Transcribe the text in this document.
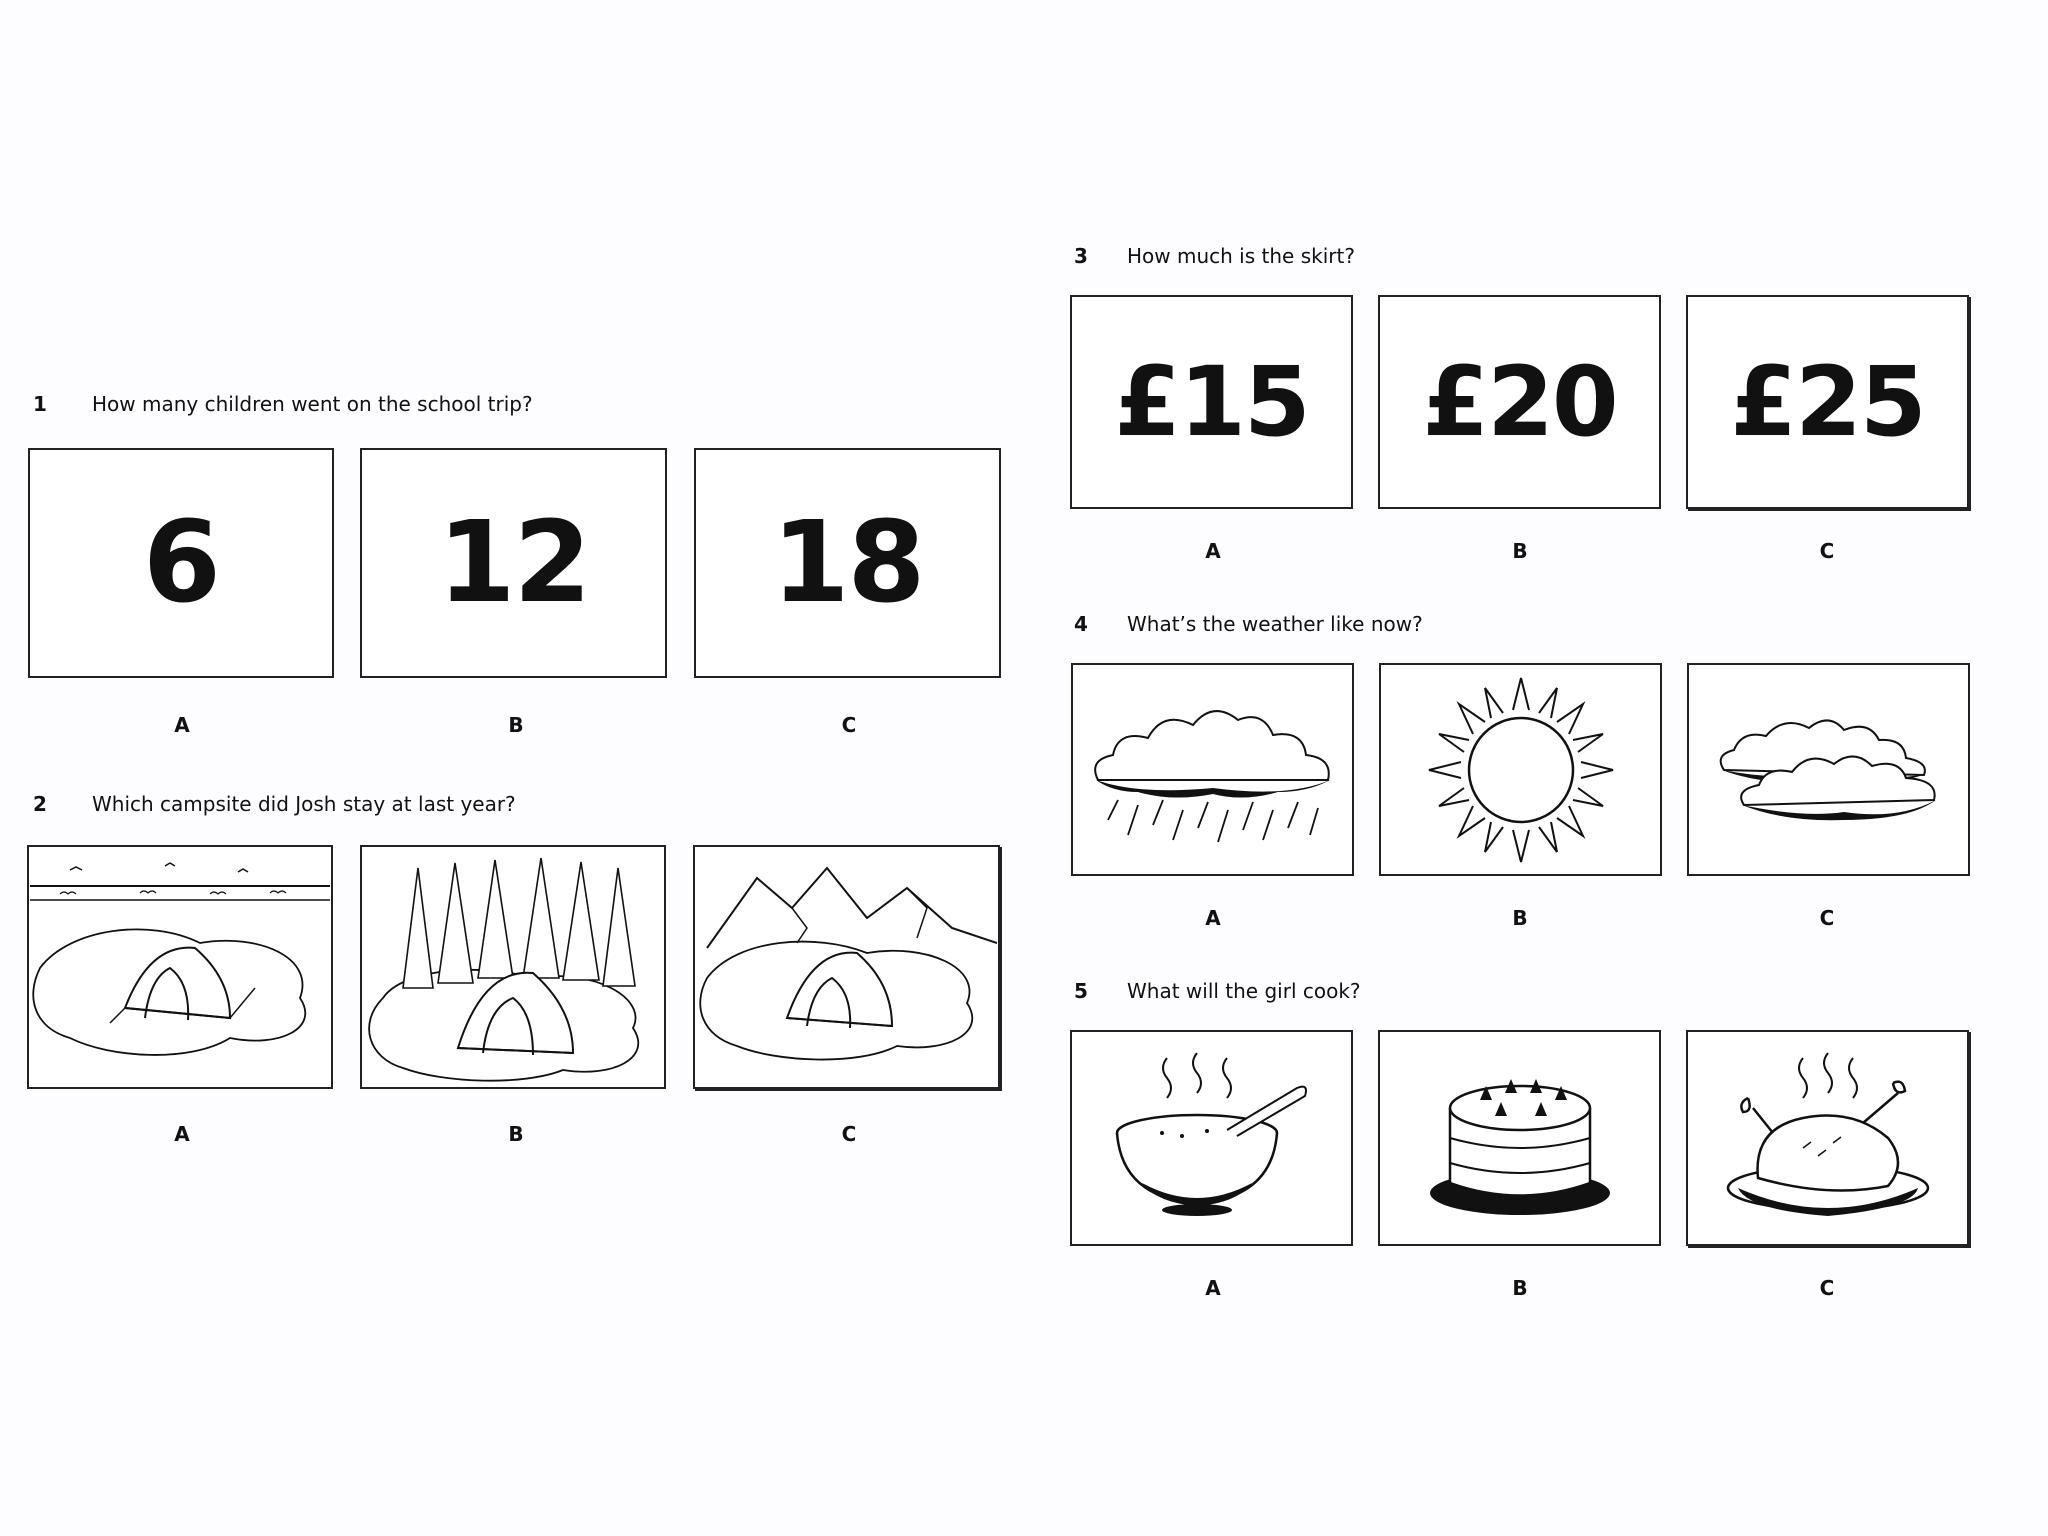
1 How many children went on the school trip?
6 12 18
A	B	C
2 Which campsite did Josh stay at last year?
A	B	C
3 How much is the skirt?
£15 £20 £25
A	B	C
4 What’s the weather like now?
A	B	C
5 What will the girl cook?
A	B	C
